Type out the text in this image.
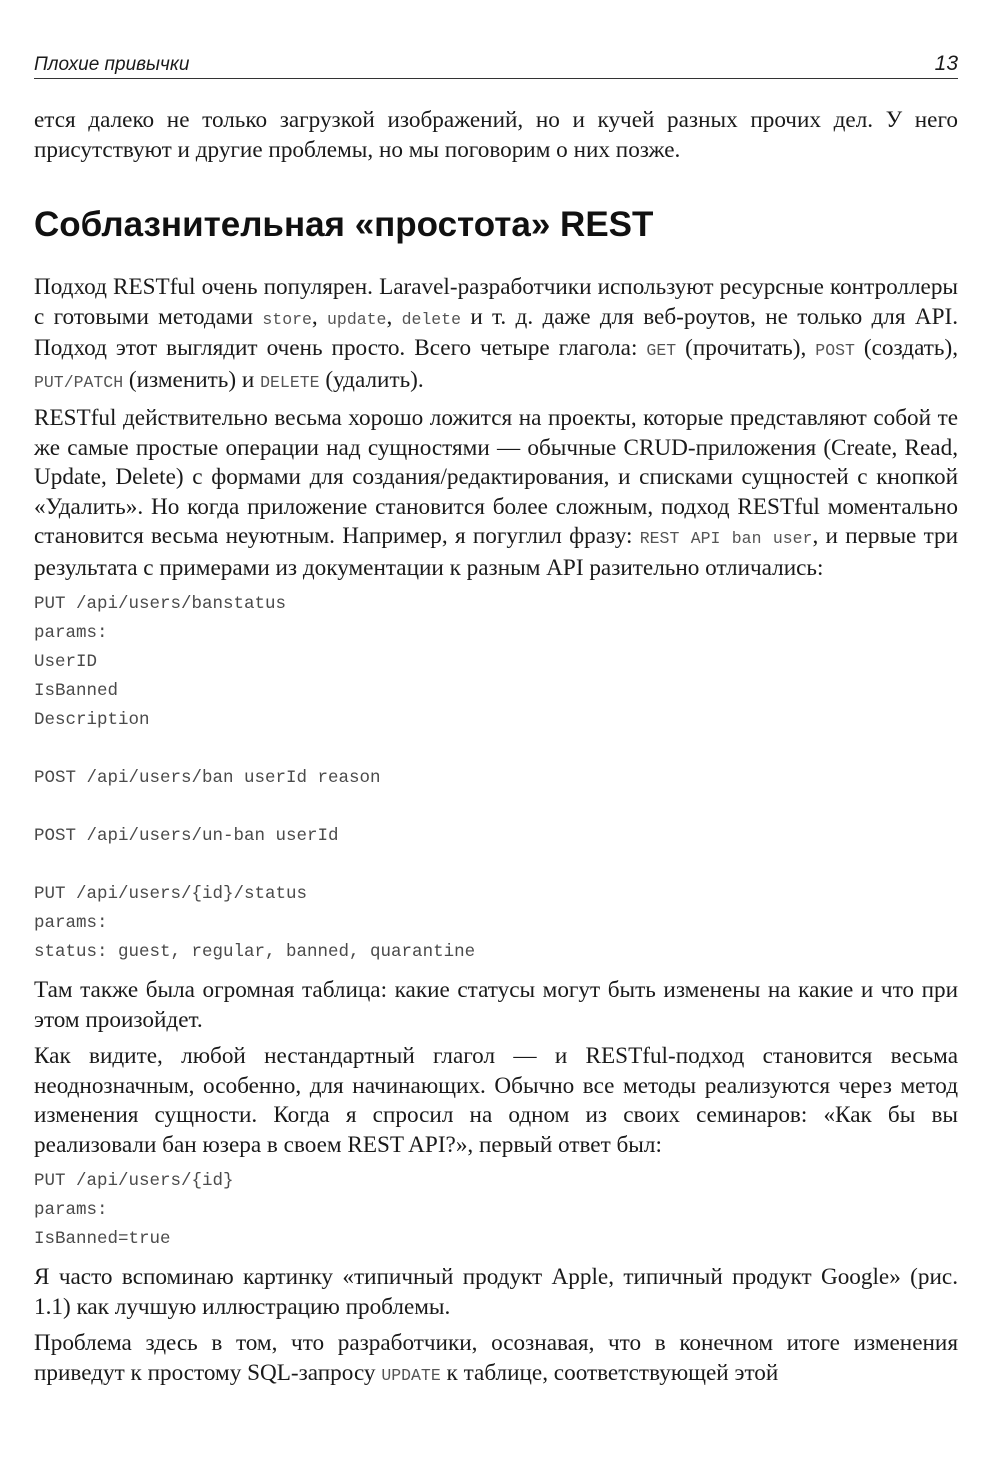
Плохие привычки	13

ется далеко не только загрузкой изображений, но и кучей разных прочих дел. У него присутствуют и другие проблемы, но мы поговорим о них позже.

Соблазнительная «простота» REST

Подход RESTful очень популярен. Laravel-разработчики используют ресурсные контроллеры с готовыми методами store, update, delete и т. д. даже для веб-роутов, не только для API. Подход этот выглядит очень просто. Всего четыре глагола: GET (прочитать), POST (создать), PUT/PATCH (изменить) и DELETE (удалить).

RESTful действительно весьма хорошо ложится на проекты, которые представляют собой те же самые простые операции над сущностями — обычные CRUD-приложения (Create, Read, Update, Delete) с формами для создания/редактирования, и списками сущностей с кнопкой «Удалить». Но когда приложение становится более сложным, подход RESTful моментально становится весьма неуютным. Например, я погуглил фразу: REST API ban user, и первые три результата с примерами из документации к разным API разительно отличались:

PUT /api/users/banstatus
params:
UserID
IsBanned
Description

POST /api/users/ban userId reason

POST /api/users/un-ban userId

PUT /api/users/{id}/status
params:
status: guest, regular, banned, quarantine

Там также была огромная таблица: какие статусы могут быть изменены на какие и что при этом произойдет.

Как видите, любой нестандартный глагол — и RESTful-подход становится весьма неоднозначным, особенно, для начинающих. Обычно все методы реализуются через метод изменения сущности. Когда я спросил на одном из своих семинаров: «Как бы вы реализовали бан юзера в своем REST API?», первый ответ был:

PUT /api/users/{id}
params:
IsBanned=true

Я часто вспоминаю картинку «типичный продукт Apple, типичный продукт Google» (рис. 1.1) как лучшую иллюстрацию проблемы.

Проблема здесь в том, что разработчики, осознавая, что в конечном итоге изменения приведут к простому SQL-запросу UPDATE к таблице, соответствующей этой
